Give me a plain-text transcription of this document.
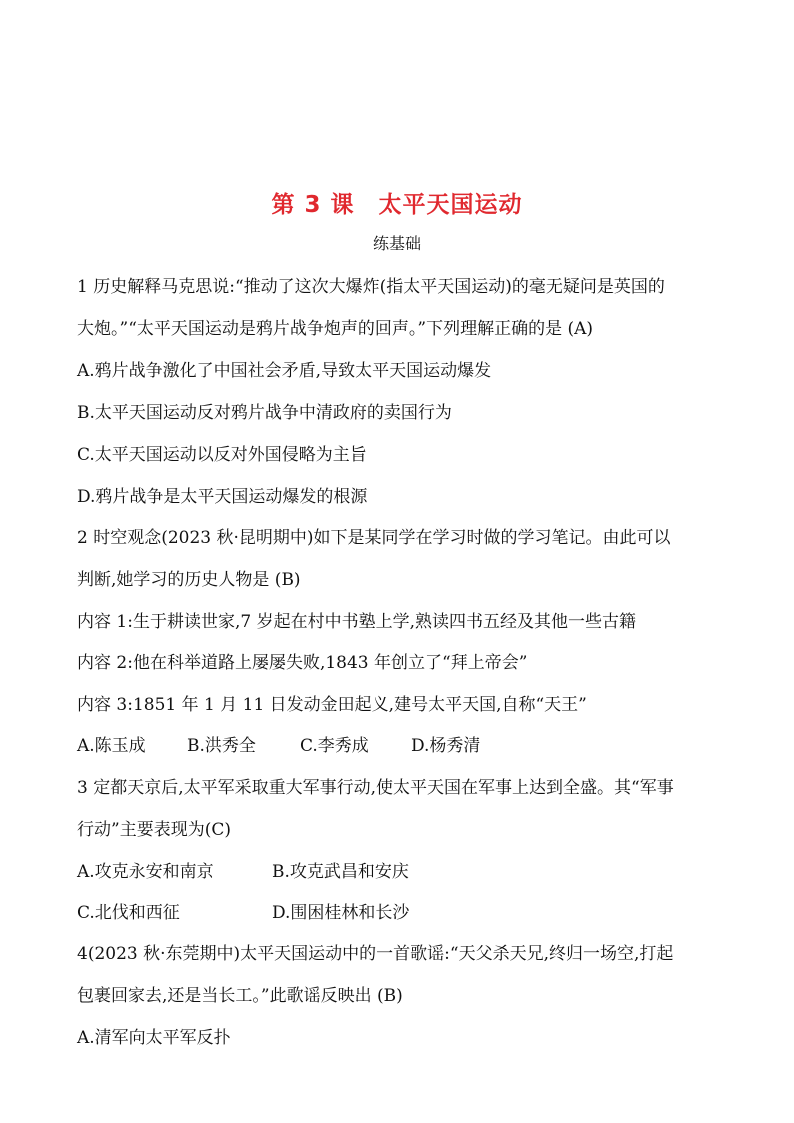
第 3 课　太平天国运动
练基础
1 历史解释马克思说:“推动了这次大爆炸(指太平天国运动)的毫无疑问是英国的
大炮。”“太平天国运动是鸦片战争炮声的回声。”下列理解正确的是 (A)
A.鸦片战争激化了中国社会矛盾,导致太平天国运动爆发
B.太平天国运动反对鸦片战争中清政府的卖国行为
C.太平天国运动以反对外国侵略为主旨
D.鸦片战争是太平天国运动爆发的根源
2 时空观念(2023 秋·昆明期中)如下是某同学在学习时做的学习笔记。由此可以
判断,她学习的历史人物是 (B)
内容 1:生于耕读世家,7 岁起在村中书塾上学,熟读四书五经及其他一些古籍
内容 2:他在科举道路上屡屡失败,1843 年创立了“拜上帝会”
内容 3:1851 年 1 月 11 日发动金田起义,建号太平天国,自称“天王”
A.陈玉成 B.洪秀全	C.李秀成 D.杨秀清
3 定都天京后,太平军采取重大军事行动,使太平天国在军事上达到全盛。其“军事
行动”主要表现为(C)
A.攻克永安和南京	B.攻克武昌和安庆
C.北伐和西征	D.围困桂林和长沙
4(2023 秋·东莞期中)太平天国运动中的一首歌谣:“天父杀天兄,终归一场空,打起
包裹回家去,还是当长工。”此歌谣反映出 (B)
A.清军向太平军反扑
